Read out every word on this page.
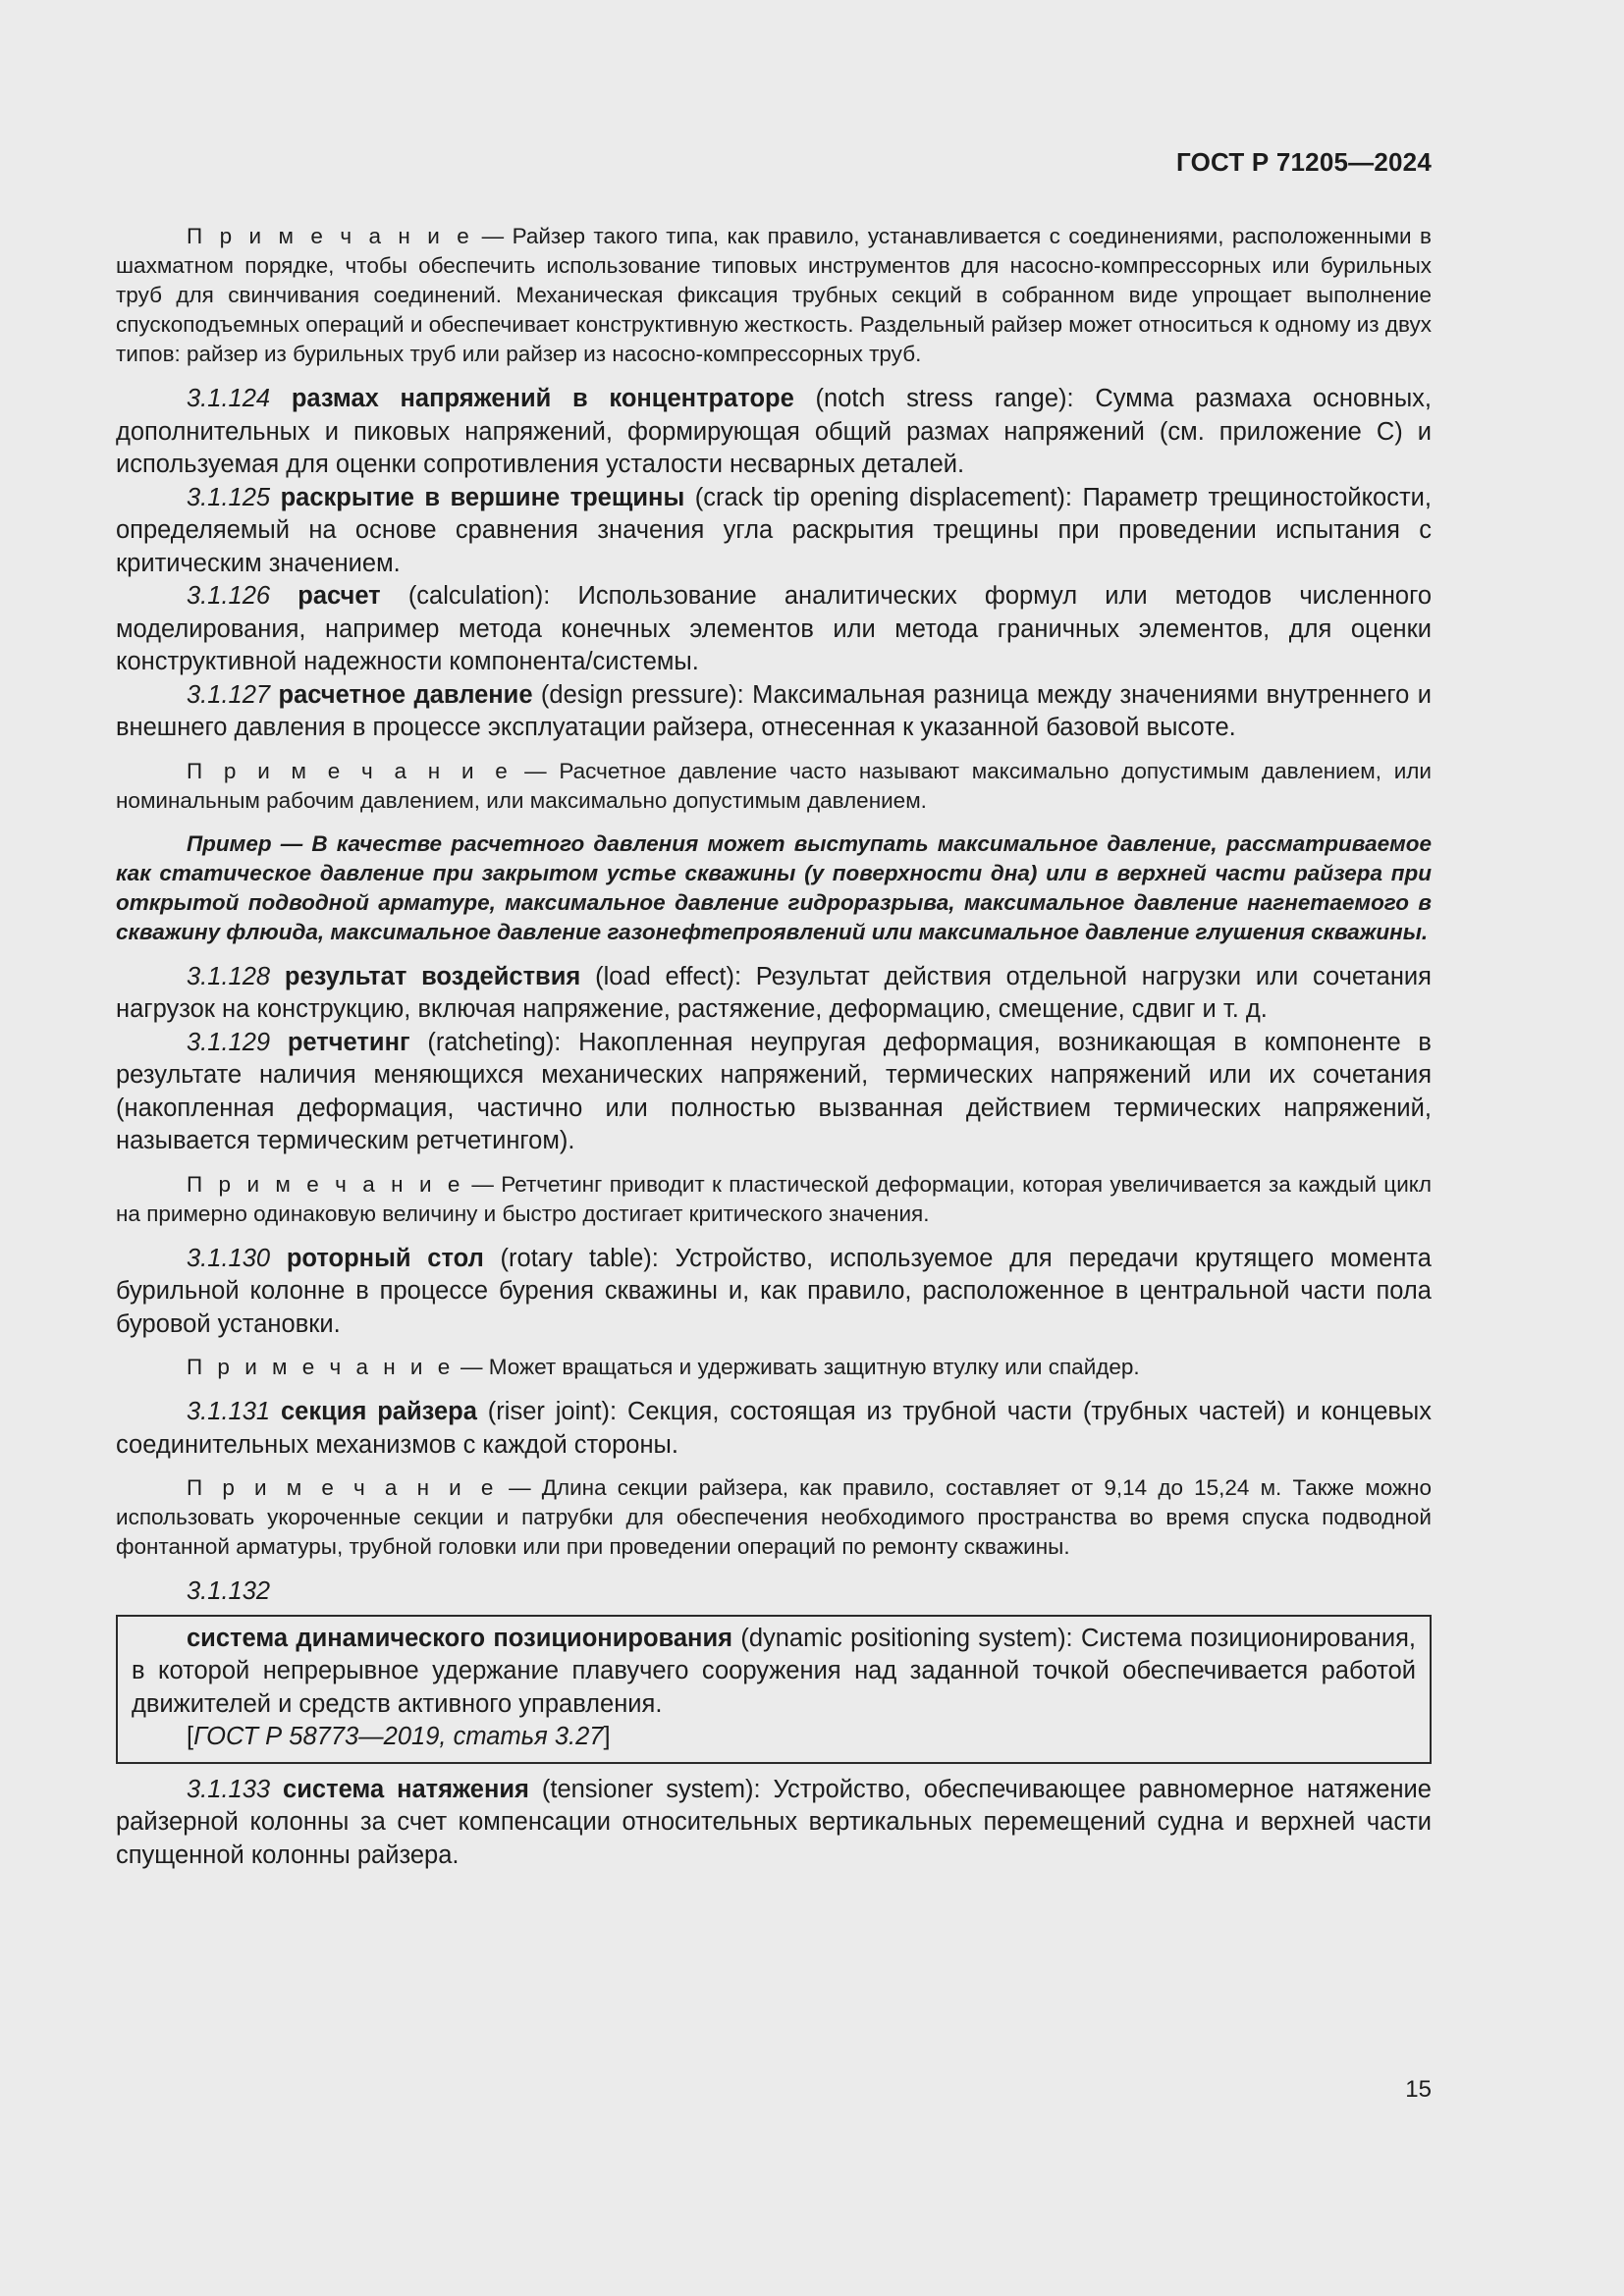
ГОСТ Р 71205—2024

П р и м е ч а н и е — Райзер такого типа, как правило, устанавливается с соединениями, расположенными в шахматном порядке, чтобы обеспечить использование типовых инструментов для насосно-компрессорных или бурильных труб для свинчивания соединений. Механическая фиксация трубных секций в собранном виде упрощает выполнение спускоподъемных операций и обеспечивает конструктивную жесткость. Раздельный райзер может относиться к одному из двух типов: райзер из бурильных труб или райзер из насосно-компрессорных труб.

3.1.124 размах напряжений в концентраторе (notch stress range): Сумма размаха основных, дополнительных и пиковых напряжений, формирующая общий размах напряжений (см. приложение С) и используемая для оценки сопротивления усталости несварных деталей.

3.1.125 раскрытие в вершине трещины (crack tip opening displacement): Параметр трещиностойкости, определяемый на основе сравнения значения угла раскрытия трещины при проведении испытания с критическим значением.

3.1.126 расчет (calculation): Использование аналитических формул или методов численного моделирования, например метода конечных элементов или метода граничных элементов, для оценки конструктивной надежности компонента/системы.

3.1.127 расчетное давление (design pressure): Максимальная разница между значениями внутреннего и внешнего давления в процессе эксплуатации райзера, отнесенная к указанной базовой высоте.

П р и м е ч а н и е — Расчетное давление часто называют максимально допустимым давлением, или номинальным рабочим давлением, или максимально допустимым давлением.

Пример — В качестве расчетного давления может выступать максимальное давление, рассматриваемое как статическое давление при закрытом устье скважины (у поверхности дна) или в верхней части райзера при открытой подводной арматуре, максимальное давление гидроразрыва, максимальное давление нагнетаемого в скважину флюида, максимальное давление газонефтепроявлений или максимальное давление глушения скважины.

3.1.128 результат воздействия (load effect): Результат действия отдельной нагрузки или сочетания нагрузок на конструкцию, включая напряжение, растяжение, деформацию, смещение, сдвиг и т. д.

3.1.129 ретчетинг (ratcheting): Накопленная неупругая деформация, возникающая в компоненте в результате наличия меняющихся механических напряжений, термических напряжений или их сочетания (накопленная деформация, частично или полностью вызванная действием термических напряжений, называется термическим ретчетингом).

П р и м е ч а н и е — Ретчетинг приводит к пластической деформации, которая увеличивается за каждый цикл на примерно одинаковую величину и быстро достигает критического значения.

3.1.130 роторный стол (rotary table): Устройство, используемое для передачи крутящего момента бурильной колонне в процессе бурения скважины и, как правило, расположенное в центральной части пола буровой установки.

П р и м е ч а н и е — Может вращаться и удерживать защитную втулку или спайдер.

3.1.131 секция райзера (riser joint): Секция, состоящая из трубной части (трубных частей) и концевых соединительных механизмов с каждой стороны.

П р и м е ч а н и е — Длина секции райзера, как правило, составляет от 9,14 до 15,24 м. Также можно использовать укороченные секции и патрубки для обеспечения необходимого пространства во время спуска подводной фонтанной арматуры, трубной головки или при проведении операций по ремонту скважины.

3.1.132

система динамического позиционирования (dynamic positioning system): Система позиционирования, в которой непрерывное удержание плавучего сооружения над заданной точкой обеспечивается работой движителей и средств активного управления.

[ГОСТ Р 58773—2019, статья 3.27]

3.1.133 система натяжения (tensioner system): Устройство, обеспечивающее равномерное натяжение райзерной колонны за счет компенсации относительных вертикальных перемещений судна и верхней части спущенной колонны райзера.

15
